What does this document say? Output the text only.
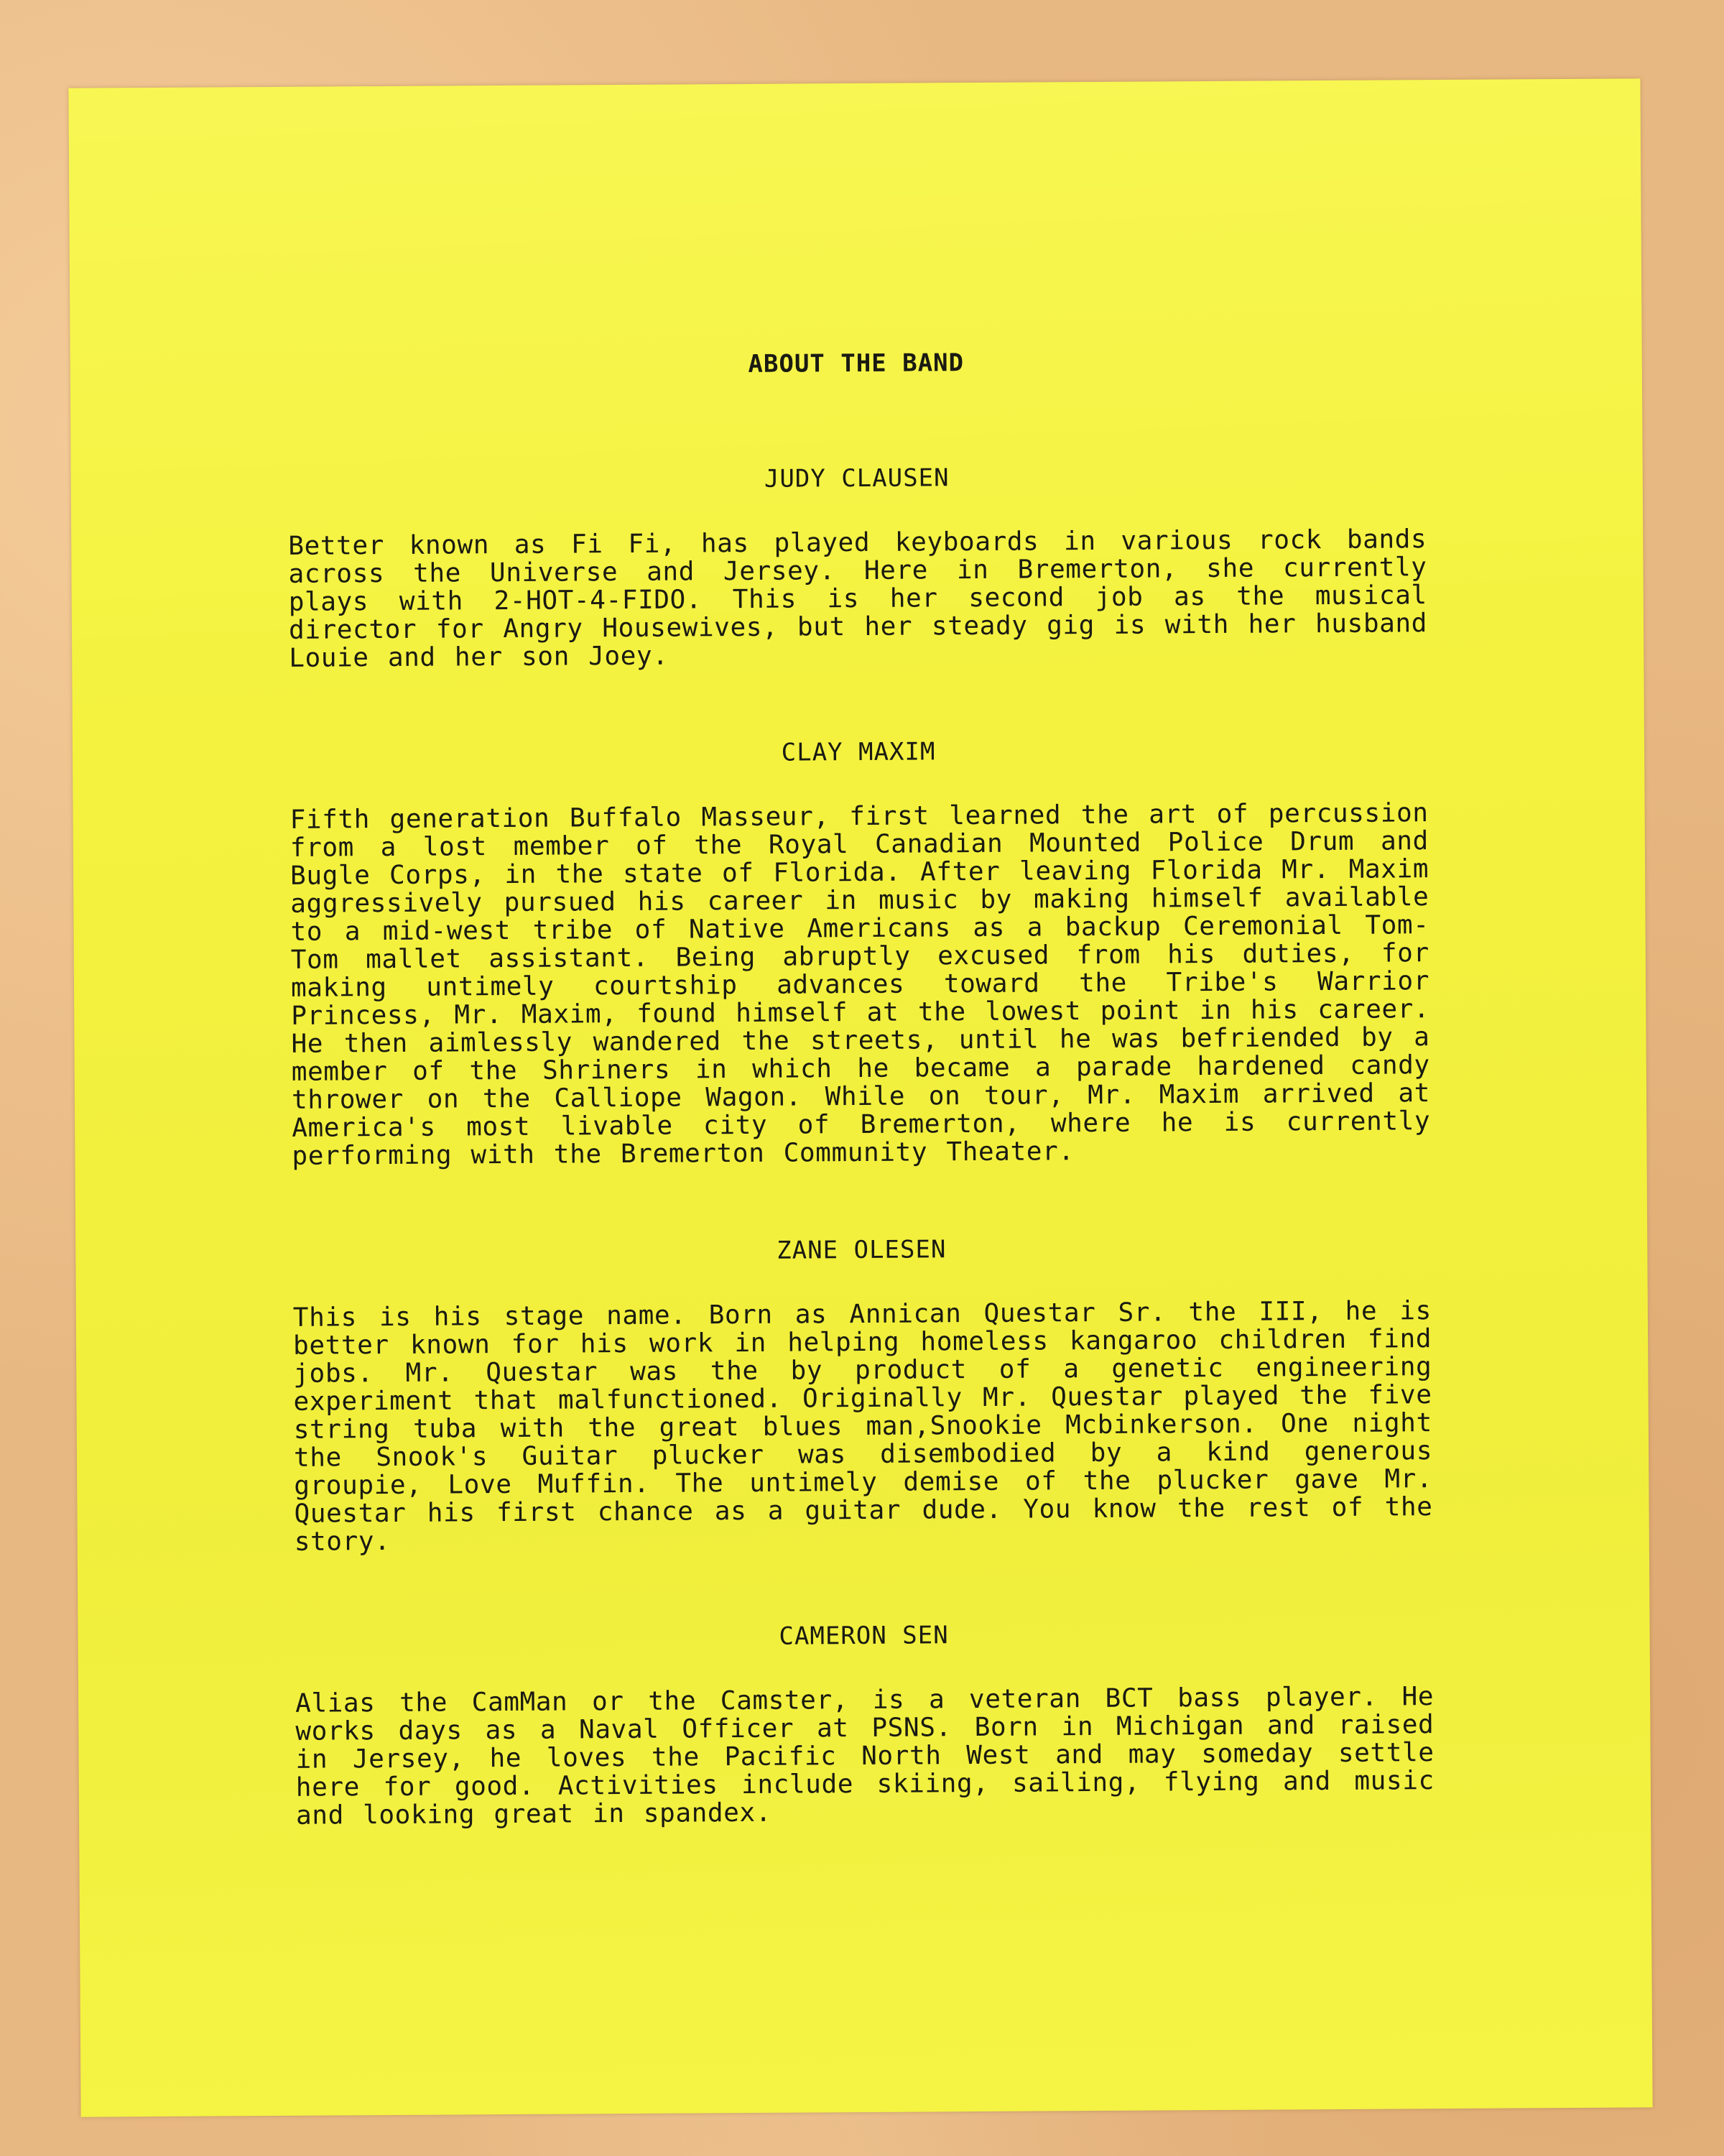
ABOUT THE BAND
JUDY CLAUSEN
Better known as Fi Fi, has played keyboards in various rock bands across the Universe and Jersey. Here in Bremerton, she currently plays with 2-HOT-4-FIDO. This is her second job as the musical director for Angry Housewives, but her steady gig is with her husband Louie and her son Joey.
CLAY MAXIM
Fifth generation Buffalo Masseur, first learned the art of percussion from a lost member of the Royal Canadian Mounted Police Drum and Bugle Corps, in the state of Florida. After leaving Florida Mr. Maxim aggressively pursued his career in music by making himself available to a mid-west tribe of Native Americans as a backup Ceremonial Tom-Tom mallet assistant. Being abruptly excused from his duties, for making untimely courtship advances toward the Tribe's Warrior Princess, Mr. Maxim, found himself at the lowest point in his career. He then aimlessly wandered the streets, until he was befriended by a member of the Shriners in which he became a parade hardened candy thrower on the Calliope Wagon. While on tour, Mr. Maxim arrived at America's most livable city of Bremerton, where he is currently performing with the Bremerton Community Theater.
ZANE OLESEN
This is his stage name. Born as Annican Questar Sr. the III, he is better known for his work in helping homeless kangaroo children find jobs. Mr. Questar was the by product of a genetic engineering experiment that malfunctioned. Originally Mr. Questar played the five string tuba with the great blues man,Snookie Mcbinkerson. One night the Snook's Guitar plucker was disembodied by a kind generous groupie, Love Muffin. The untimely demise of the plucker gave Mr. Questar his first chance as a guitar dude. You know the rest of the story.
CAMERON SEN
Alias the CamMan or the Camster, is a veteran BCT bass player. He works days as a Naval Officer at PSNS. Born in Michigan and raised in Jersey, he loves the Pacific North West and may someday settle here for good. Activities include skiing, sailing, flying and music and looking great in spandex.
